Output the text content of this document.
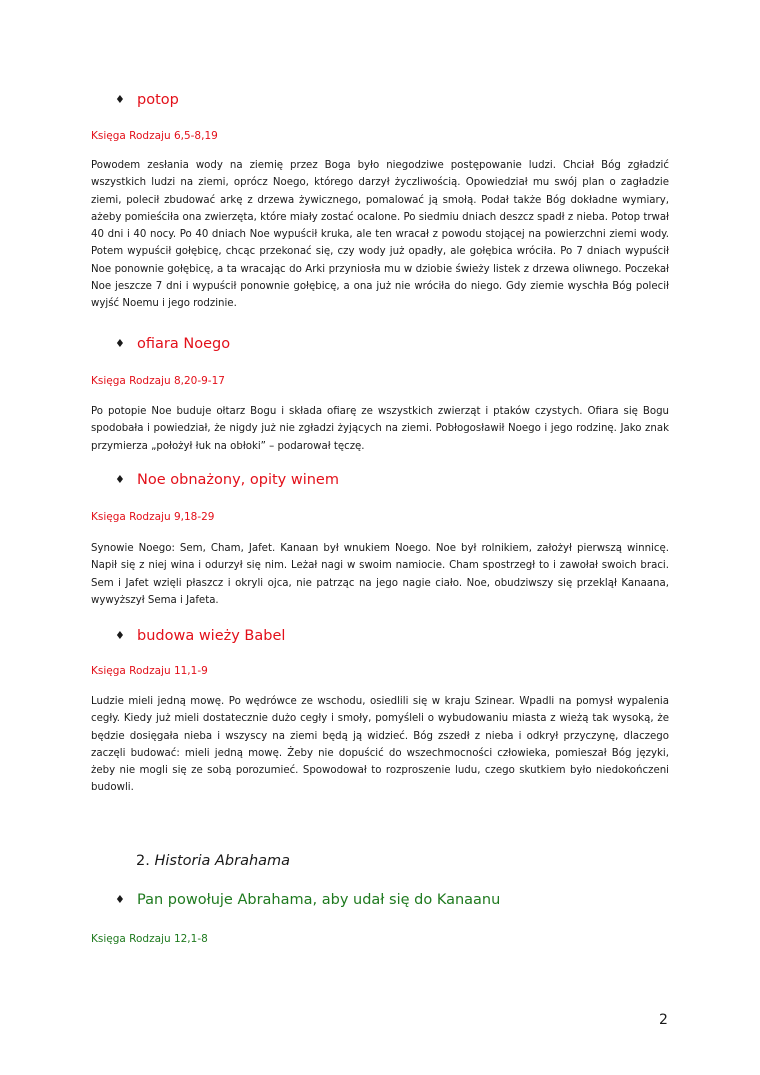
♦ potop
Księga Rodzaju 6,5-8,19
Powodem zesłania wody na ziemię przez Boga było niegodziwe postępowanie ludzi. Chciał Bóg zgładzić wszystkich ludzi na ziemi, oprócz Noego, którego darzył życzliwością. Opowiedział mu swój plan o zagładzie ziemi, polecił zbudować arkę z drzewa żywicznego, pomalować ją smołą. Podał także Bóg dokładne wymiary, ażeby pomieściła ona zwierzęta, które miały zostać ocalone. Po siedmiu dniach deszcz spadł z nieba. Potop trwał 40 dni i 40 nocy. Po 40 dniach Noe wypuścił kruka, ale ten wracał z powodu stojącej na powierzchni ziemi wody. Potem wypuścił gołębicę, chcąc przekonać się, czy wody już opadły, ale gołębica wróciła. Po 7 dniach wypuścił Noe ponownie gołębicę, a ta wracając do Arki przyniosła mu w dziobie świeży listek z drzewa oliwnego. Poczekał Noe jeszcze 7 dni i wypuścił ponownie gołębicę, a ona już nie wróciła do niego. Gdy ziemie wyschła Bóg polecił wyjść Noemu i jego rodzinie.
♦ ofiara Noego
Księga Rodzaju 8,20-9-17
Po potopie Noe buduje ołtarz Bogu i składa ofiarę ze wszystkich zwierząt i ptaków czystych. Ofiara się Bogu spodobała i powiedział, że nigdy już nie zgładzi żyjących na ziemi. Pobłogosławił Noego i jego rodzinę. Jako znak przymierza „położył łuk na obłoki” – podarował tęczę.
♦ Noe obnażony, opity winem
Księga Rodzaju 9,18-29
Synowie Noego: Sem, Cham, Jafet. Kanaan był wnukiem Noego. Noe był rolnikiem, założył pierwszą winnicę. Napił się z niej wina i odurzył się nim. Leżał nagi w swoim namiocie. Cham spostrzegł to i zawołał swoich braci. Sem i Jafet wzięli płaszcz i okryli ojca, nie patrząc na jego nagie ciało. Noe, obudziwszy się przeklął Kanaana, wywyższył Sema i Jafeta.
♦ budowa wieży Babel
Księga Rodzaju 11,1-9
Ludzie mieli jedną mowę. Po wędrówce ze wschodu, osiedlili się w kraju Szinear. Wpadli na pomysł wypalenia cegły. Kiedy już mieli dostatecznie dużo cegły i smoły, pomyśleli o wybudowaniu miasta z wieżą tak wysoką, że będzie dosięgała nieba i wszyscy na ziemi będą ją widzieć. Bóg zszedł z nieba i odkrył przyczynę, dlaczego zaczęli budować: mieli jedną mowę. Żeby nie dopuścić do wszechmocności człowieka, pomieszał Bóg języki, żeby nie mogli się ze sobą porozumieć. Spowodował to rozproszenie ludu, czego skutkiem było niedokończeni budowli.
2. Historia Abrahama
♦ Pan powołuje Abrahama, aby udał się do Kanaanu
Księga Rodzaju 12,1-8
2
